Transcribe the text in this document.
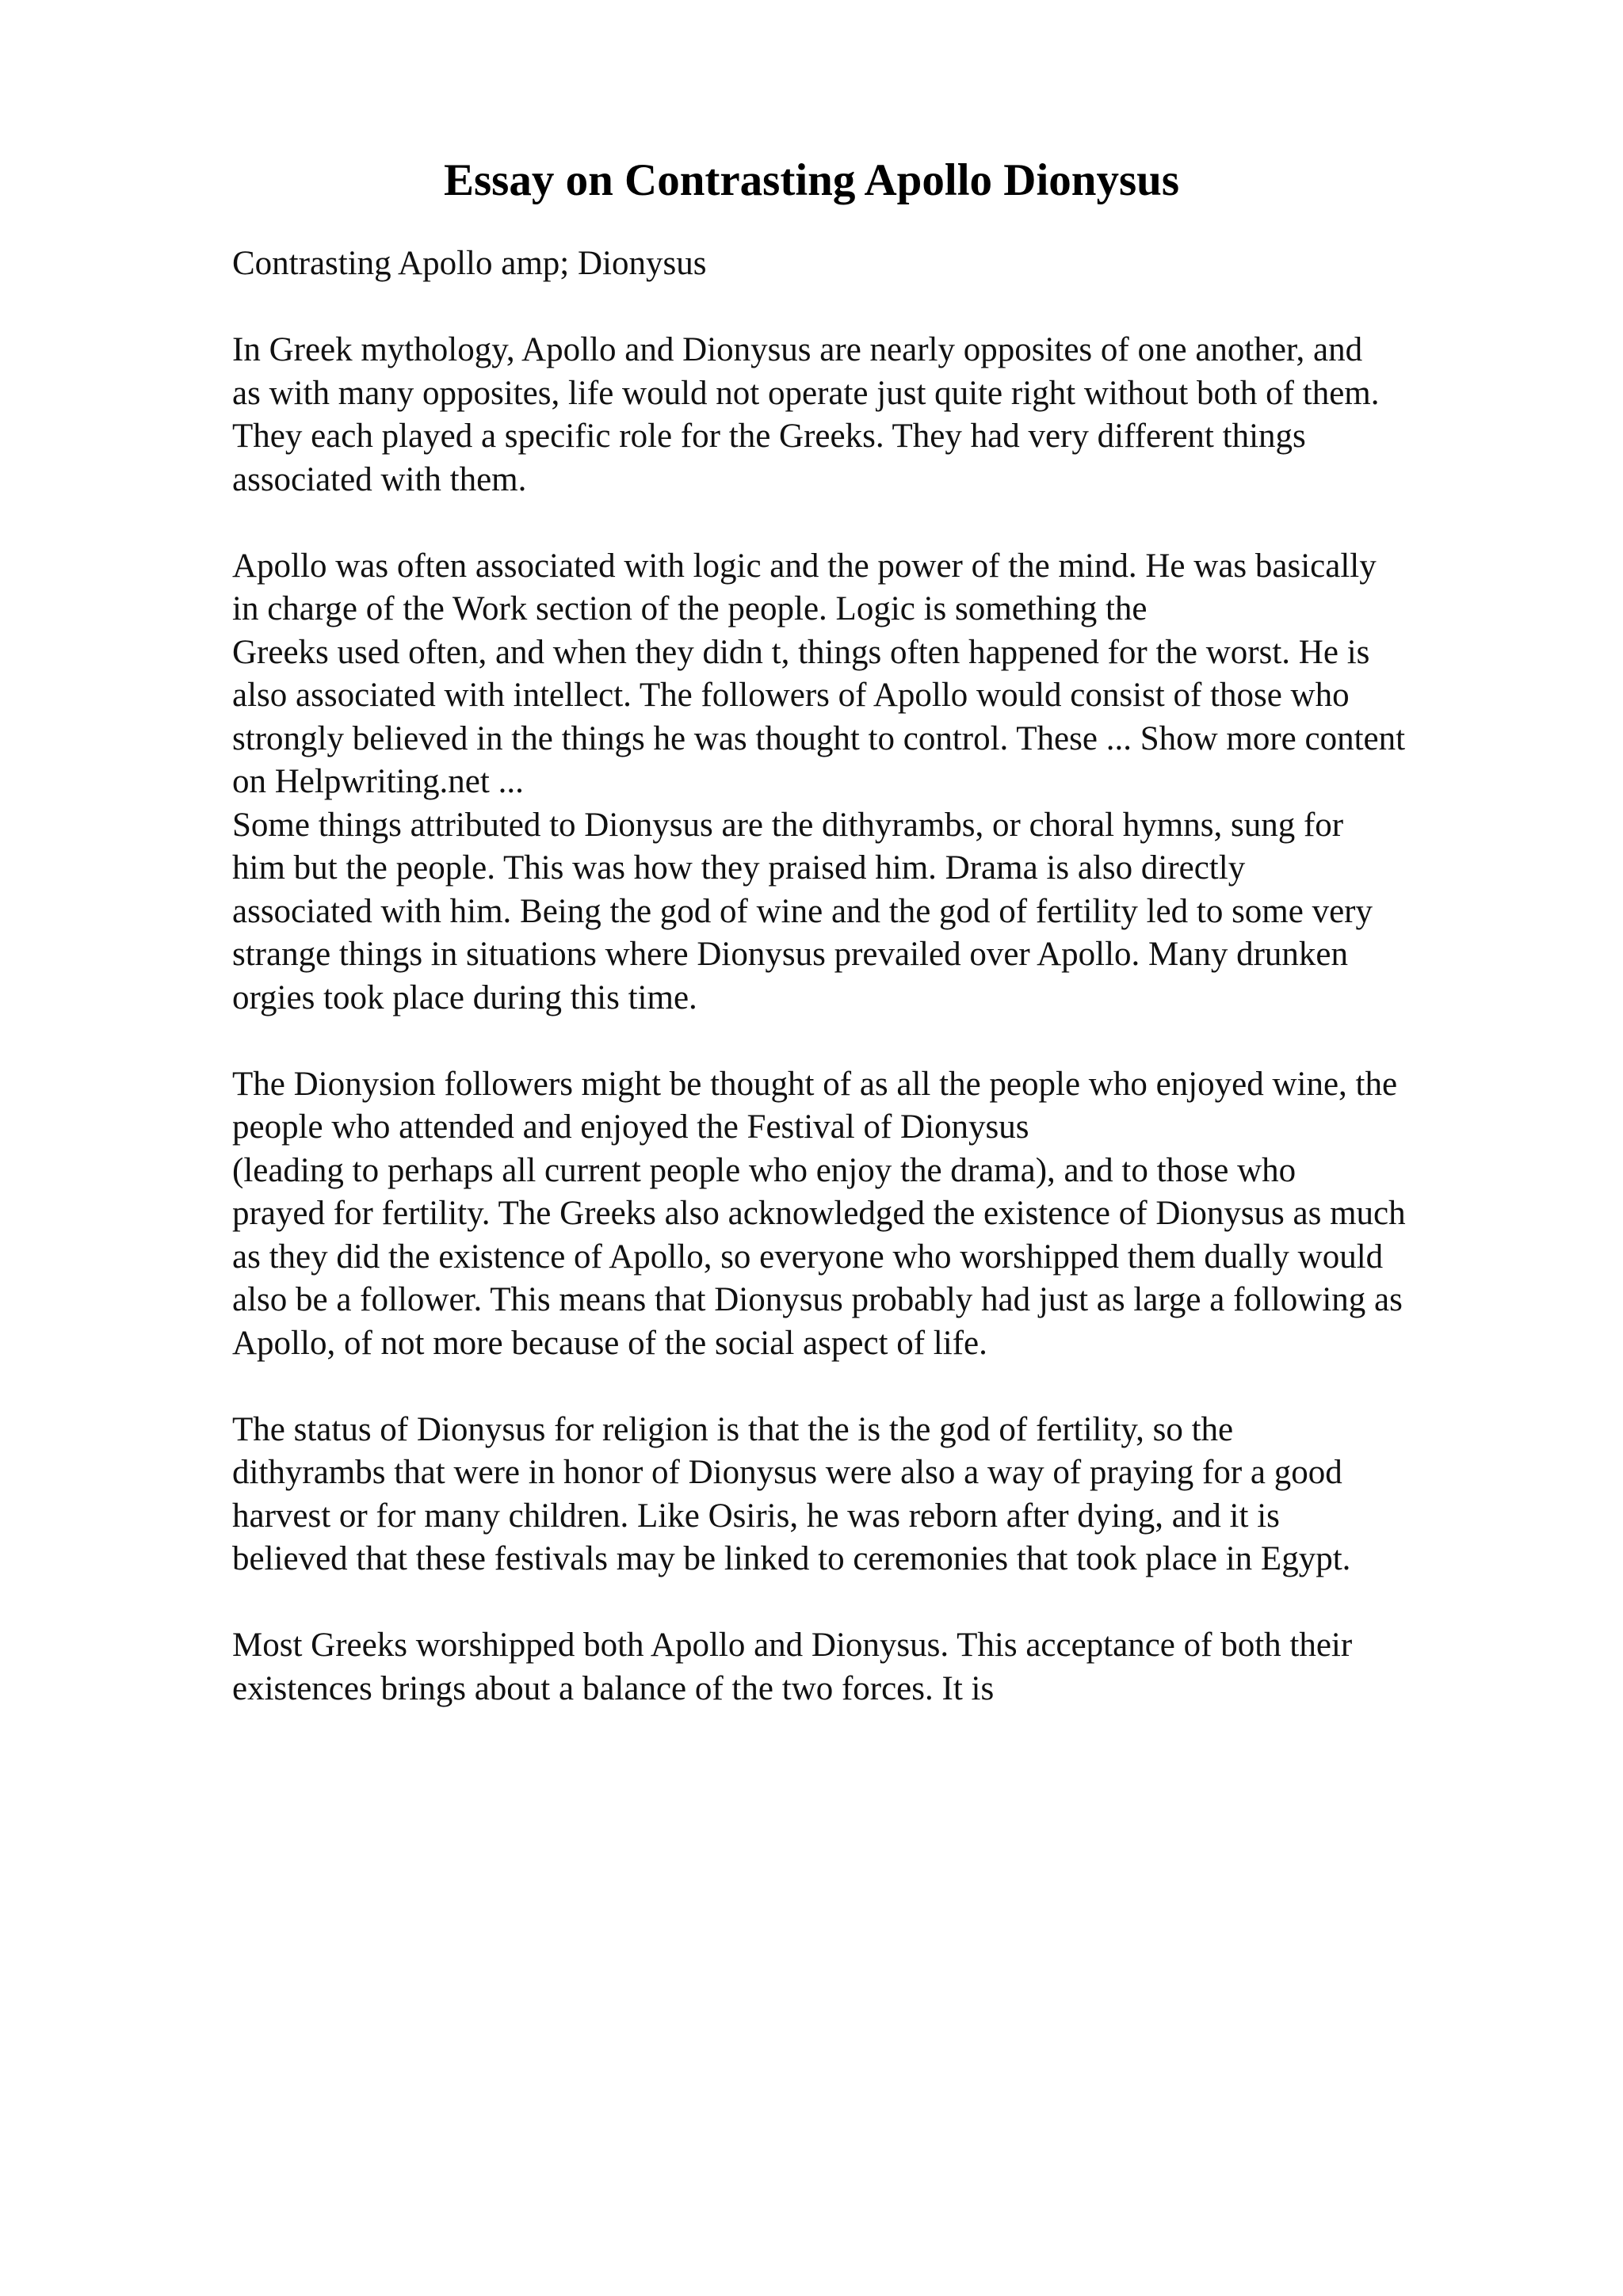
Essay on Contrasting Apollo Dionysus
Contrasting Apollo amp; Dionysus
In Greek mythology, Apollo and Dionysus are nearly opposites of one another, and
as with many opposites, life would not operate just quite right without both of them.
They each played a specific role for the Greeks. They had very different things
associated with them.
Apollo was often associated with logic and the power of the mind. He was basically
in charge of the Work section of the people. Logic is something the
Greeks used often, and when they didn t, things often happened for the worst. He is
also associated with intellect. The followers of Apollo would consist of those who
strongly believed in the things he was thought to control. These ... Show more content
on Helpwriting.net ...
Some things attributed to Dionysus are the dithyrambs, or choral hymns, sung for
him but the people. This was how they praised him. Drama is also directly
associated with him. Being the god of wine and the god of fertility led to some very
strange things in situations where Dionysus prevailed over Apollo. Many drunken
orgies took place during this time.
The Dionysion followers might be thought of as all the people who enjoyed wine, the
people who attended and enjoyed the Festival of Dionysus
(leading to perhaps all current people who enjoy the drama), and to those who
prayed for fertility. The Greeks also acknowledged the existence of Dionysus as much
as they did the existence of Apollo, so everyone who worshipped them dually would
also be a follower. This means that Dionysus probably had just as large a following as
Apollo, of not more because of the social aspect of life.
The status of Dionysus for religion is that the is the god of fertility, so the
dithyrambs that were in honor of Dionysus were also a way of praying for a good
harvest or for many children. Like Osiris, he was reborn after dying, and it is
believed that these festivals may be linked to ceremonies that took place in Egypt.
Most Greeks worshipped both Apollo and Dionysus. This acceptance of both their
existences brings about a balance of the two forces. It is
